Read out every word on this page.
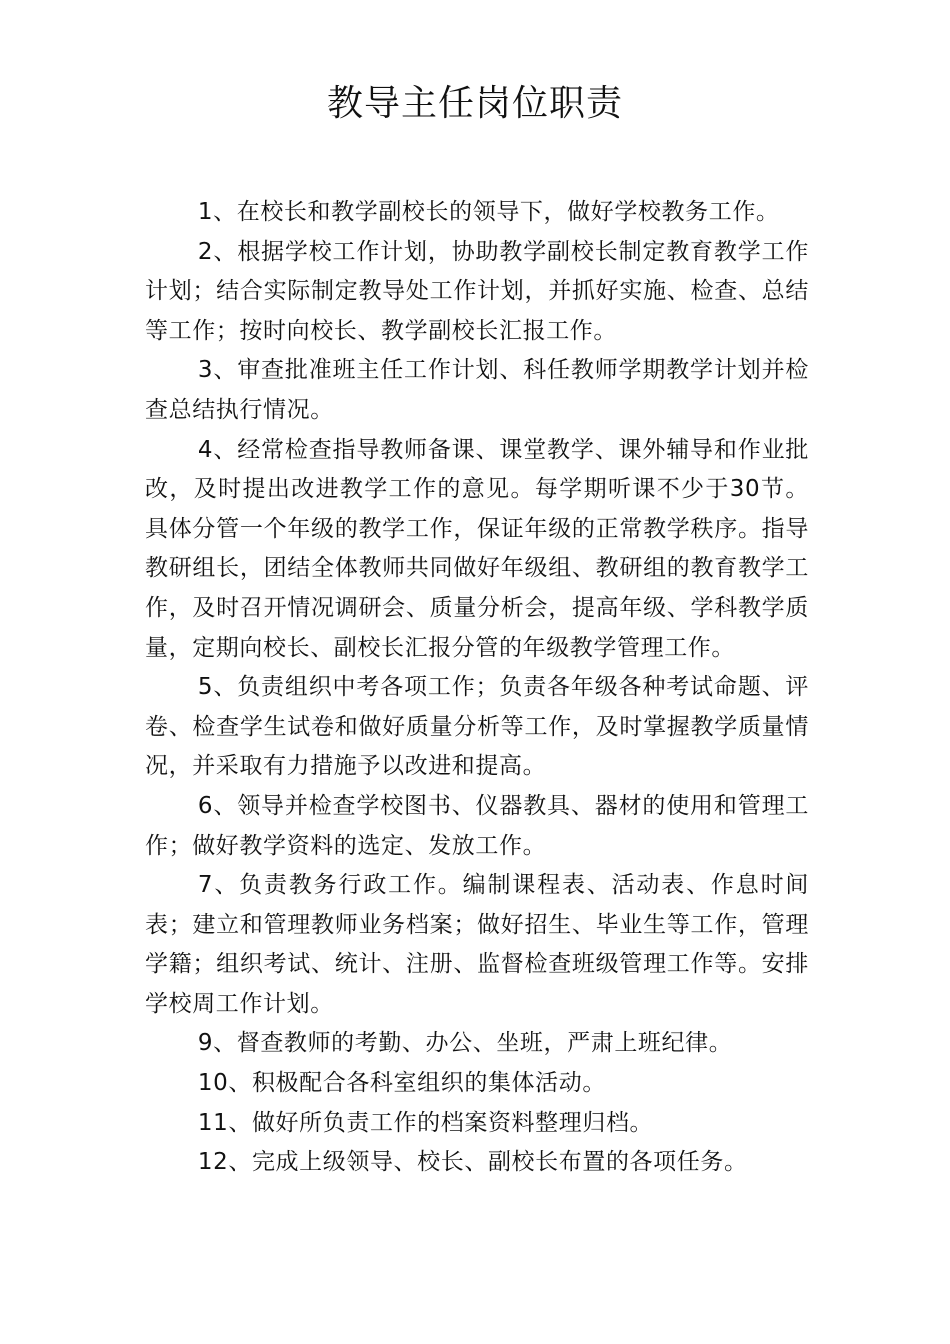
教导主任岗位职责

1、在校长和教学副校长的领导下，做好学校教务工作。

2、根据学校工作计划，协助教学副校长制定教育教学工作计划；结合实际制定教导处工作计划，并抓好实施、检查、总结等工作；按时向校长、教学副校长汇报工作。

3、审查批准班主任工作计划、科任教师学期教学计划并检查总结执行情况。

4、经常检查指导教师备课、课堂教学、课外辅导和作业批改，及时提出改进教学工作的意见。每学期听课不少于30节。具体分管一个年级的教学工作，保证年级的正常教学秩序。指导教研组长，团结全体教师共同做好年级组、教研组的教育教学工作，及时召开情况调研会、质量分析会，提高年级、学科教学质量，定期向校长、副校长汇报分管的年级教学管理工作。

5、负责组织中考各项工作；负责各年级各种考试命题、评卷、检查学生试卷和做好质量分析等工作，及时掌握教学质量情况，并采取有力措施予以改进和提高。

6、领导并检查学校图书、仪器教具、器材的使用和管理工作；做好教学资料的选定、发放工作。

7、负责教务行政工作。编制课程表、活动表、作息时间表；建立和管理教师业务档案；做好招生、毕业生等工作，管理学籍；组织考试、统计、注册、监督检查班级管理工作等。安排学校周工作计划。

9、督查教师的考勤、办公、坐班，严肃上班纪律。

10、积极配合各科室组织的集体活动。

11、做好所负责工作的档案资料整理归档。

12、完成上级领导、校长、副校长布置的各项任务。
